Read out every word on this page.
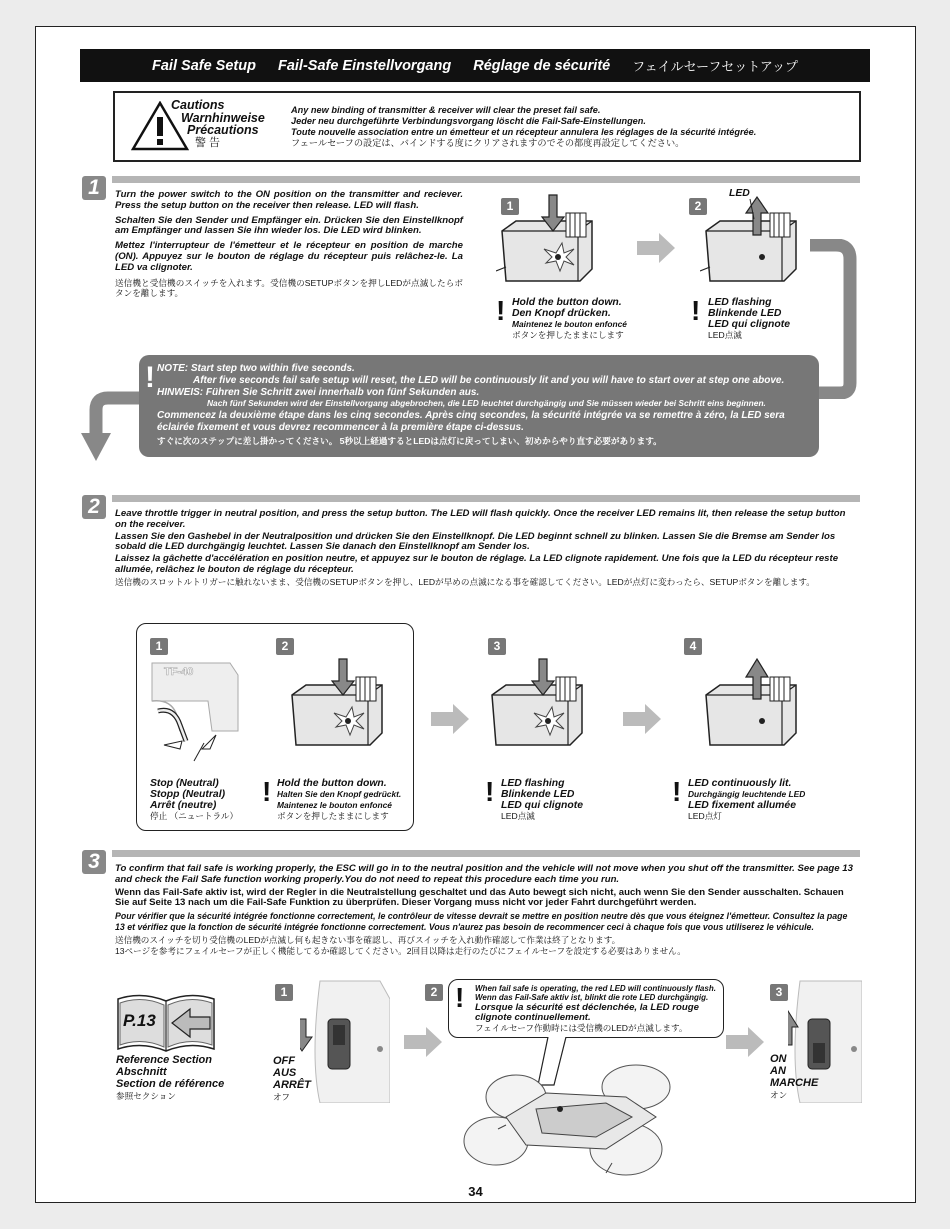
Fail Safe Setup Fail-Safe Einstellvorgang Réglage de sécurité フェイルセーフセットアップ
Cautions
Warnhinweise
Précautions
警 告
Any new binding of transmitter & receiver will clear the preset fail safe.
Jeder neu durchgeführte Verbindungsvorgang löscht die Fail-Safe-Einstellungen.
Toute nouvelle association entre un émetteur et un récepteur annulera les réglages de la sécurité intégrée.
フェールセーフの設定は、バインドする度にクリアされますのでその都度再設定してください。
1	Turn the power switch to the ON position on the transmitter and reciever. Press the setup button on the receiver then release. LED will flash.

Schalten Sie den Sender und Empfänger ein. Drücken Sie den Einstellknopf am Empfänger und lassen Sie ihn wieder los. Die LED wird blinken.

Mettez l'interrupteur de l'émetteur et le récepteur en position de marche (ON). Appuyez sur le bouton de réglage du récepteur puis relâchez-le. La LED va clignoter.

送信機と受信機のスイッチを入れます。受信機のSETUPボタンを押しLEDが点滅したらボタンを離します。

1	2
LED
! Hold the button down.
Den Knopf drücken.
Maintenez le bouton enfoncé
ボタンを押したままにします
! LED flashing
Blinkende LED
LED qui clignote
LED点滅
! NOTE: Start step two within five seconds.
After five seconds fail safe setup will reset, the LED will be continuously lit and you will have to start over at step one above.
HINWEIS: Führen Sie Schritt zwei innerhalb von fünf Sekunden aus.
Nach fünf Sekunden wird der Einstellvorgang abgebrochen, die LED leuchtet durchgängig und Sie müssen wieder bei Schritt eins beginnen.
Commencez la deuxième étape dans les cinq secondes. Après cinq secondes, la sécurité intégrée va se remettre à zéro, la LED sera éclairée fixement et vous devrez recommencer à la première étape ci-dessus.
すぐに次のステップに差し掛かってください。 5秒以上経過するとLEDは点灯に戻ってしまい、初めからやり直す必要があります。
2	Leave throttle trigger in neutral position, and press the setup button. The LED will flash quickly. Once the receiver LED remains lit, then release the setup button on the receiver.

Lassen Sie den Gashebel in der Neutralposition und drücken Sie den Einstellknopf. Die LED beginnt schnell zu blinken. Lassen Sie die Bremse am Sender los sobald die LED durchgängig leuchtet. Lassen Sie danach den Einstellknopf am Sender los.

Laissez la gâchette d'accélération en position neutre, et appuyez sur le bouton de réglage. La LED clignote rapidement. Une fois que la LED du récepteur reste allumée, relâchez le bouton de réglage du récepteur.

送信機のスロットルトリガーに触れないまま、受信機のSETUPボタンを押し、LEDが早めの点滅になる事を確認してください。LEDが点灯に変わったら、SETUPボタンを離します。

1
TF-40
2
! Hold the button down.
Halten Sie den Knopf gedrückt.
Maintenez le bouton enfoncé
ボタンを押したままにします
Stop (Neutral)
Stopp (Neutral)
Arrêt (neutre)
停止 （ニュートラル）
3
! LED flashing
Blinkende LED
LED qui clignote
LED点滅
4
! LED continuously lit.
Durchgängig leuchtende LED
LED fixement allumée
LED点灯
3	To confirm that fail safe is working properly, the ESC will go in to the neutral position and the vehicle will not move when you shut off the transmitter. See page 13 and check the Fail Safe function working properly.You do not need to repeat this procedure each time you run.

Wenn das Fail-Safe aktiv ist, wird der Regler in die Neutralstellung geschaltet und das Auto bewegt sich nicht, auch wenn Sie den Sender ausschalten. Schauen Sie auf Seite 13 nach um die Fail-Safe Funktion zu überprüfen. Dieser Vorgang muss nicht vor jeder Fahrt durchgeführt werden.

Pour vérifier que la sécurité intégrée fonctionne correctement, le contrôleur de vitesse devrait se mettre en position neutre dès que vous éteignez l'émetteur. Consultez la page 13 et vérifiez que la fonction de sécurité intégrée fonctionne correctement. Vous n'aurez pas besoin de recommencer ceci à chaque fois que vous utiliserez le véhicule.

送信機のスイッチを切り受信機のLEDが点滅し何も起きない事を確認し、再びスイッチを入れ動作確認して作業は終了となります。

13ページを参考にフェイルセーフが正しく機能してるか確認してください。2回目以降は走行のたびにフェイルセーフを設定する必要はありません。

P.13
Reference Section
Abschnitt
Section de référence
参照セクション
1
OFF
AUS
ARRÊT
オフ
2 ! When fail safe is operating, the red LED will continuously flash.
Wenn das Fail-Safe aktiv ist, blinkt die rote LED durchgängig.
Lorsque la sécurité est déclenchée, la LED rouge clignote continuellement.
フェイルセーフ作動時には受信機のLEDが点滅します。
3
ON
AN
MARCHE
オン
34
